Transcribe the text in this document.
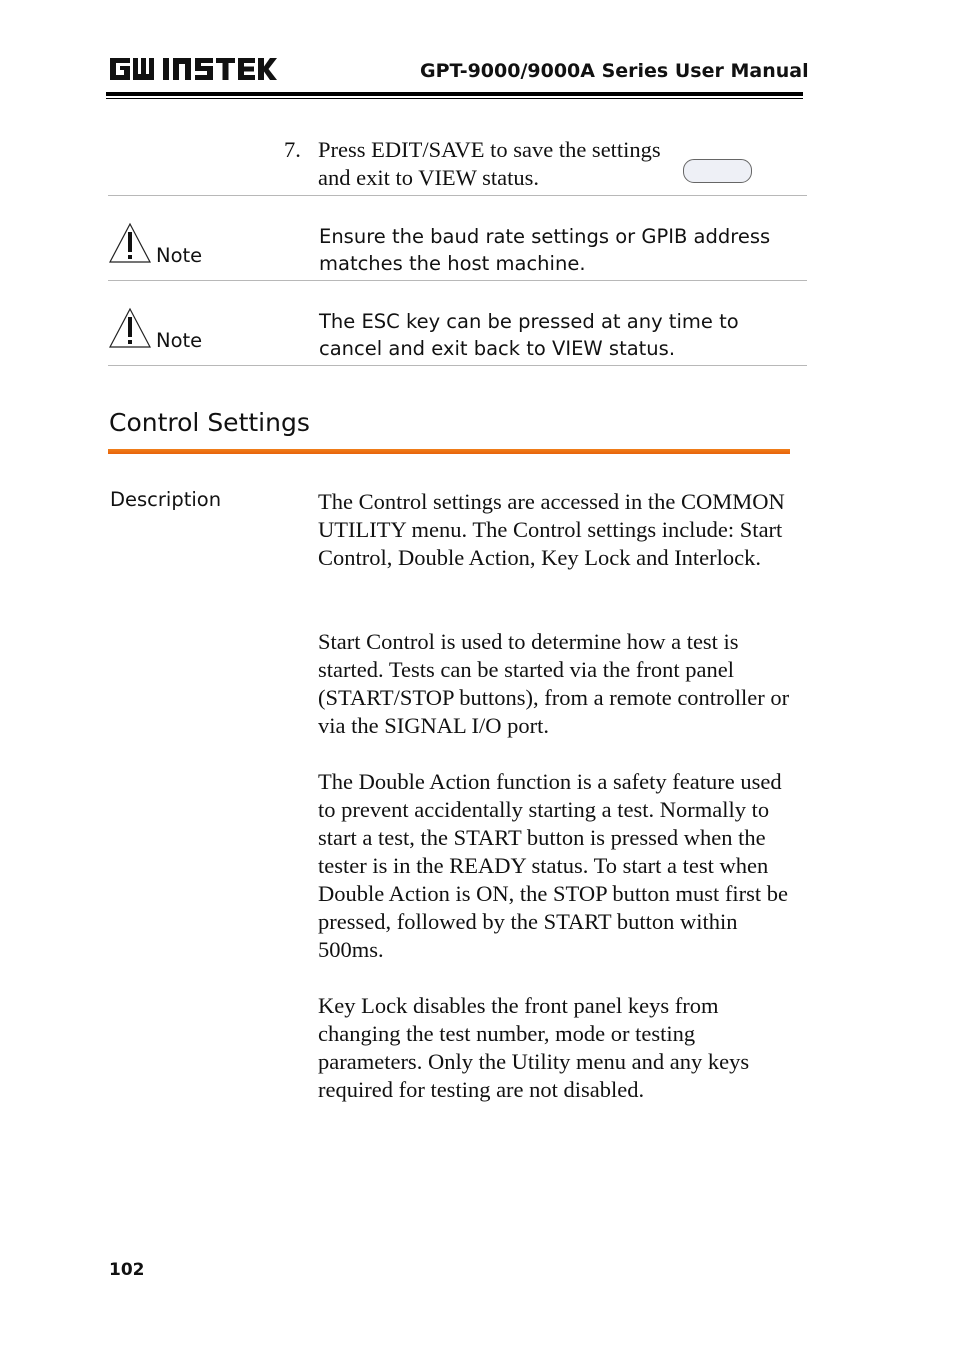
GPT-9000/9000A Series User Manual
7. Press EDIT/SAVE to save the settings and exit to VIEW status.
Note
Ensure the baud rate settings or GPIB address matches the host machine.
Note
The ESC key can be pressed at any time to cancel and exit back to VIEW status.
Control Settings
Description	The Control settings are accessed in the COMMON UTILITY menu. The Control settings include: Start Control, Double Action, Key Lock and Interlock.
Start Control is used to determine how a test is started. Tests can be started via the front panel (START/STOP buttons), from a remote controller or via the SIGNAL I/O port.
The Double Action function is a safety feature used to prevent accidentally starting a test. Normally to start a test, the START button is pressed when the tester is in the READY status. To start a test when Double Action is ON, the STOP button must first be pressed, followed by the START button within 500ms.
Key Lock disables the front panel keys from changing the test number, mode or testing parameters. Only the Utility menu and any keys required for testing are not disabled.
102
